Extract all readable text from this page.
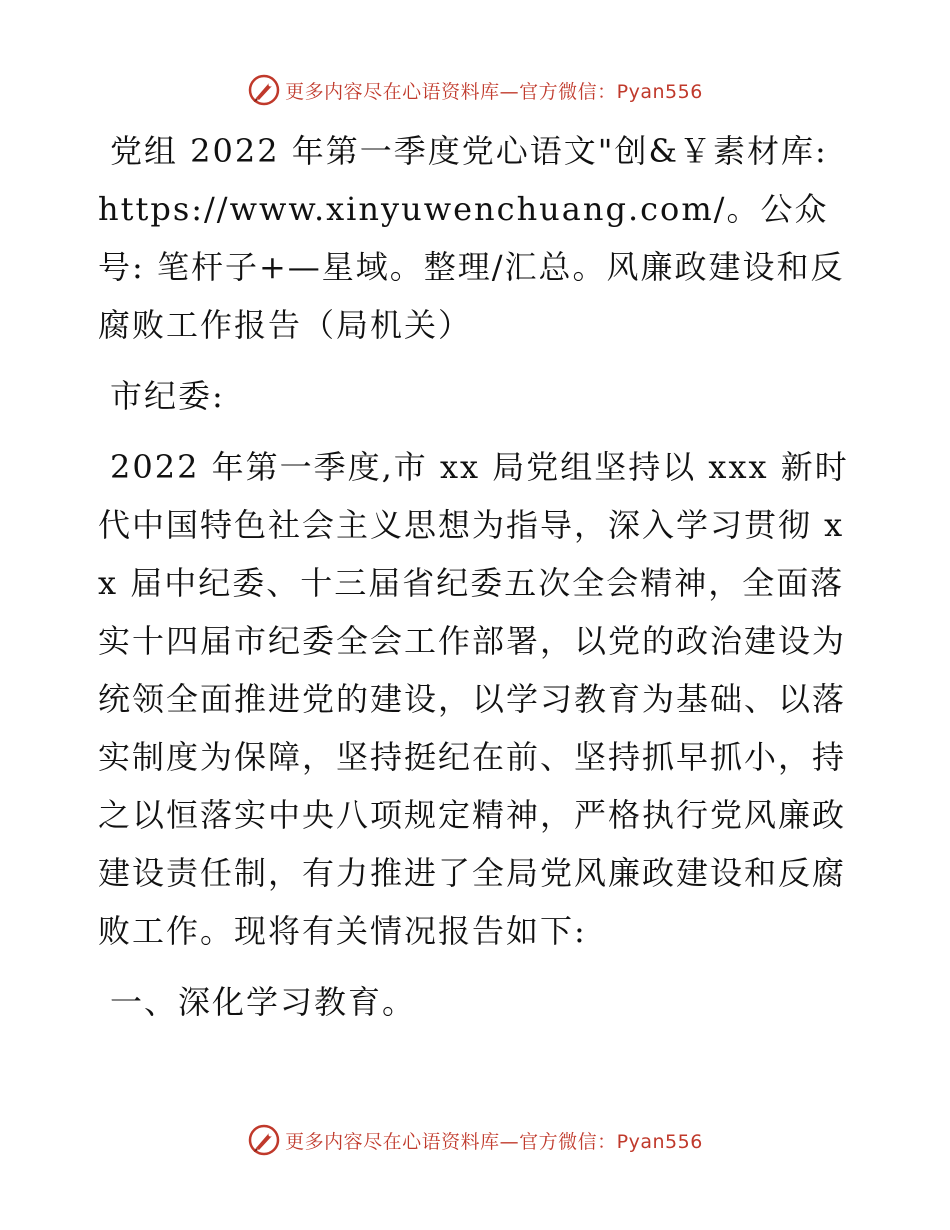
更多内容尽在心语资料库—官方微信：Pyan556

党组 2022 年第一季度党心语文"创&￥素材库: https://www.xinyuwenchuang.com/。公众号: 笔杆子+—星域。整理/汇总。风廉政建设和反腐败工作报告（局机关）

市纪委:

2022 年第一季度,市 xx 局党组坚持以 xxx 新时代中国特色社会主义思想为指导，深入学习贯彻 xx 届中纪委、十三届省纪委五次全会精神，全面落实十四届市纪委全会工作部署，以党的政治建设为统领全面推进党的建设，以学习教育为基础、以落实制度为保障，坚持挺纪在前、坚持抓早抓小，持之以恒落实中央八项规定精神，严格执行党风廉政建设责任制，有力推进了全局党风廉政建设和反腐败工作。现将有关情况报告如下:

一、深化学习教育。

更多内容尽在心语资料库—官方微信：Pyan556
